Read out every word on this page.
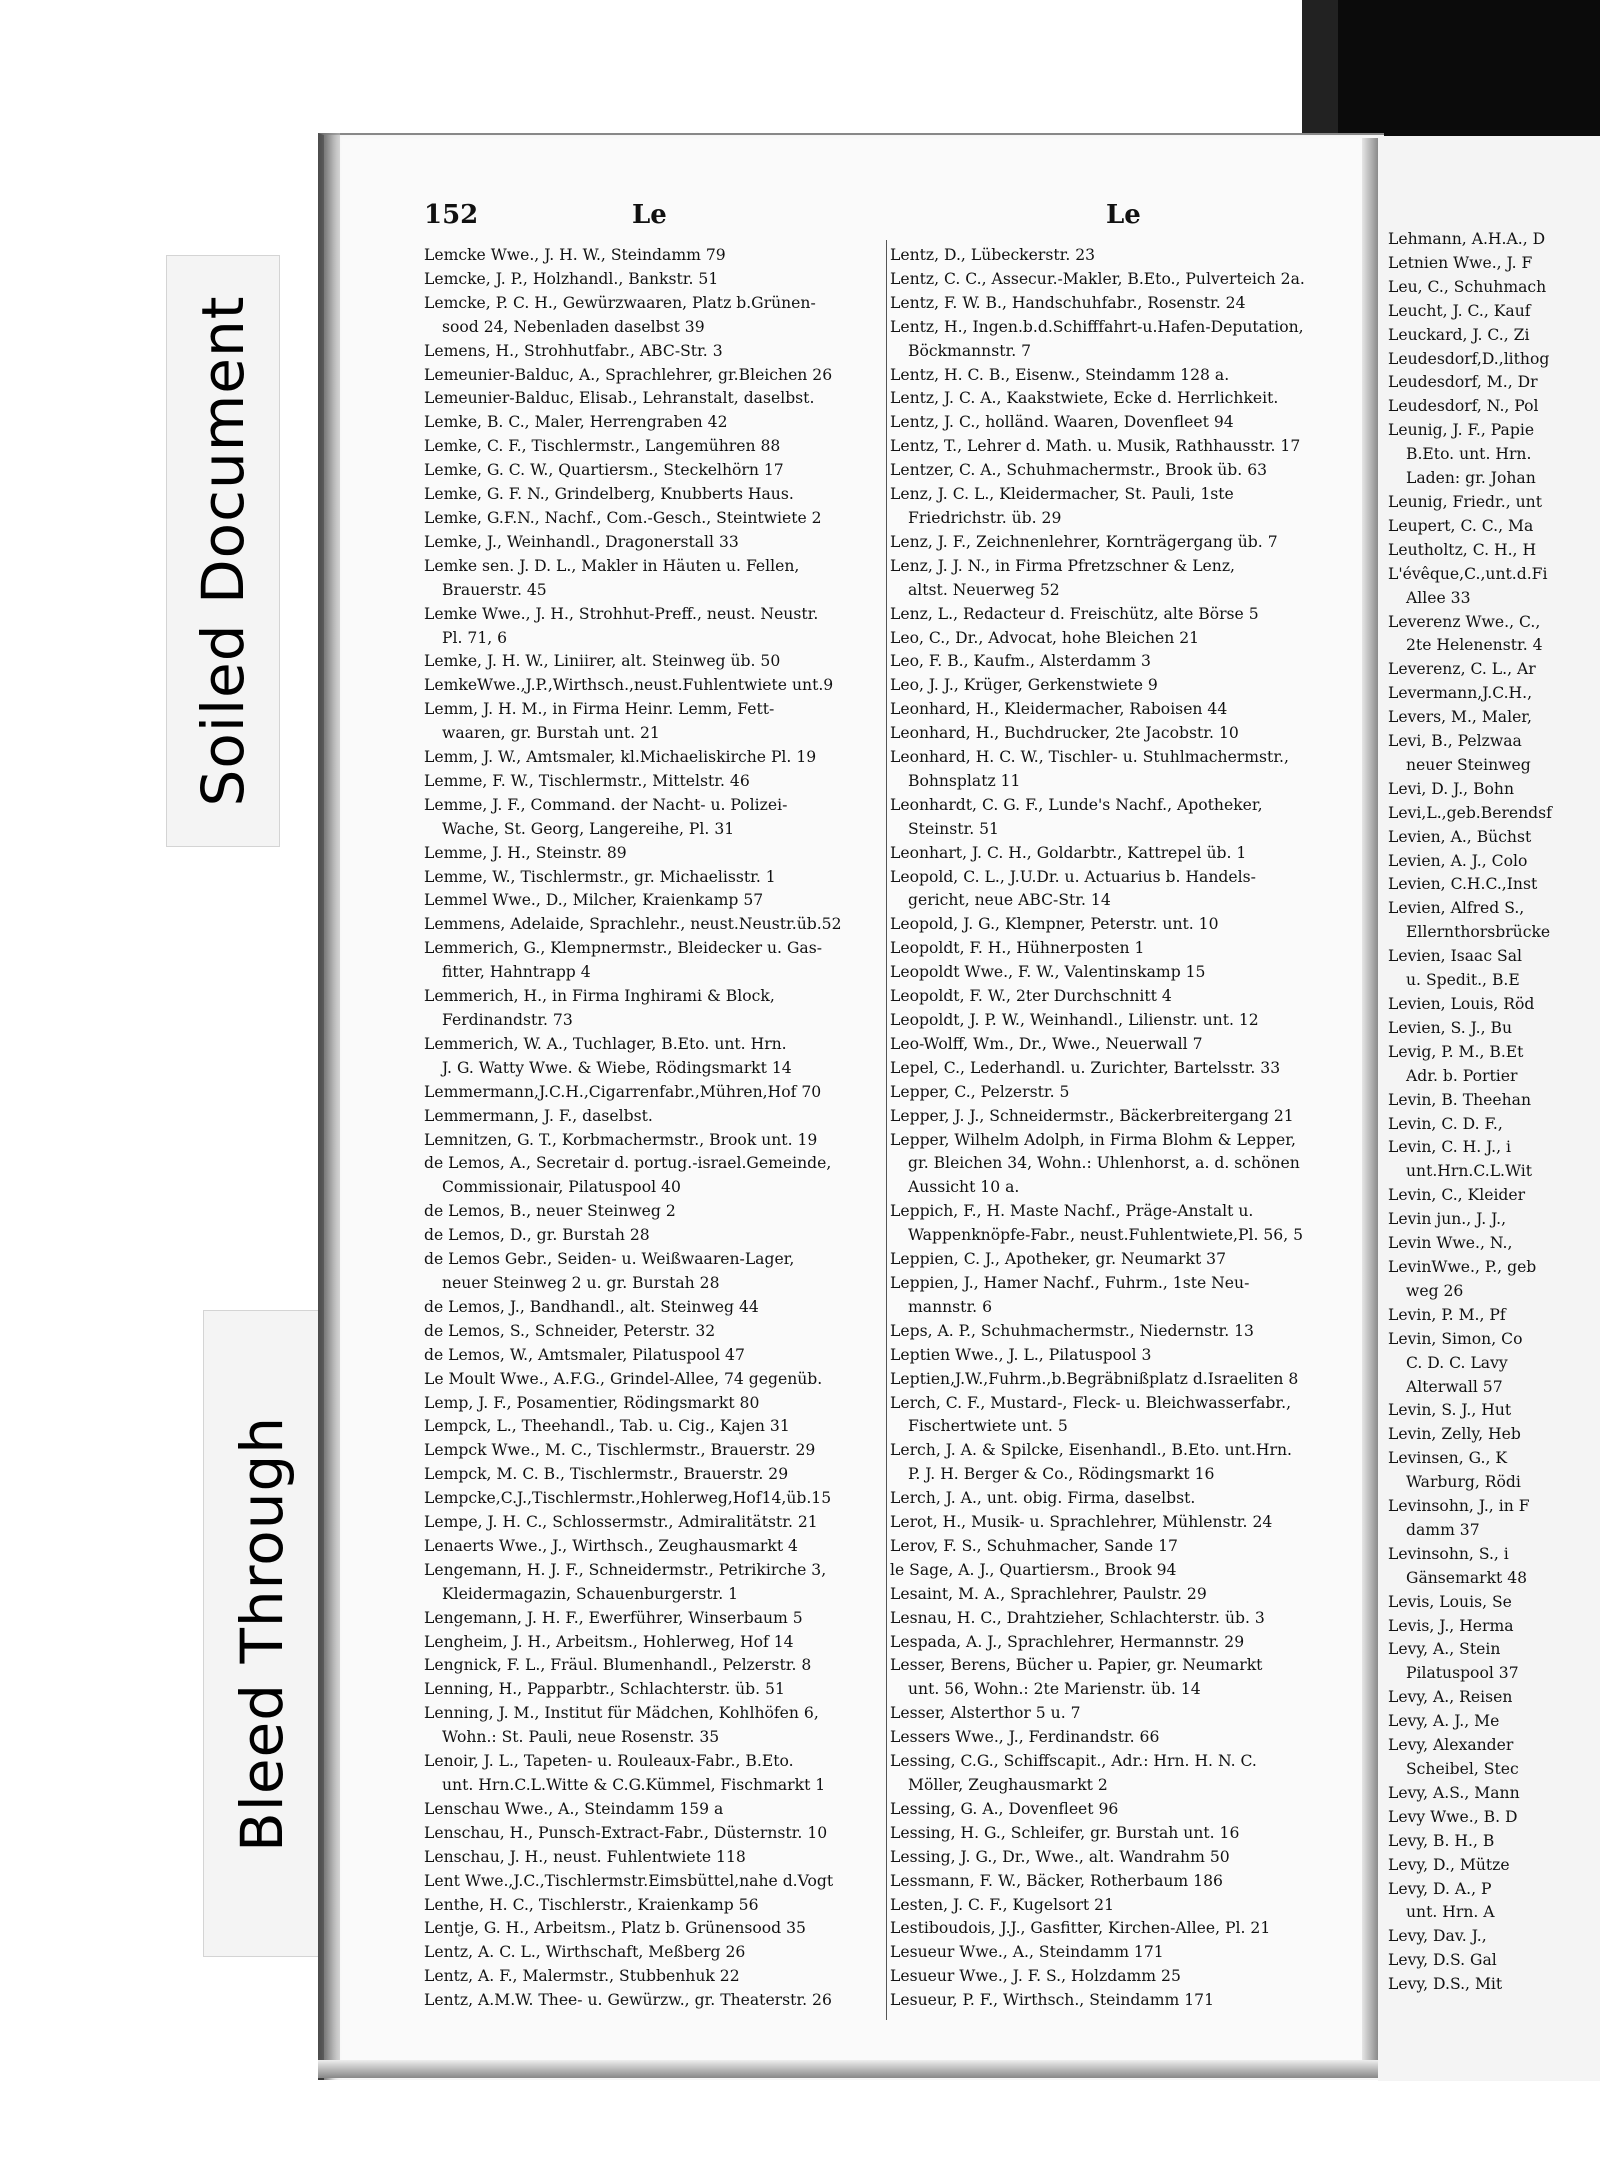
Soiled Document
Bleed Through
152	Le	Le
Lemcke Wwe., J. H. W., Steindamm 79
Lemcke, J. P., Holzhandl., Bankstr. 51
Lemcke, P. C. H., Gewürzwaaren, Platz b.Grünen-
sood 24, Nebenladen daselbst 39
Lemens, H., Strohhutfabr., ABC-Str. 3
Lemeunier-Balduc, A., Sprachlehrer, gr.Bleichen 26
Lemeunier-Balduc, Elisab., Lehranstalt, daselbst.
Lemke, B. C., Maler, Herrengraben 42
Lemke, C. F., Tischlermstr., Langemühren 88
Lemke, G. C. W., Quartiersm., Steckelhörn 17
Lemke, G. F. N., Grindelberg, Knubberts Haus.
Lemke, G.F.N., Nachf., Com.-Gesch., Steintwiete 2
Lemke, J., Weinhandl., Dragonerstall 33
Lemke sen. J. D. L., Makler in Häuten u. Fellen,
Brauerstr. 45
Lemke Wwe., J. H., Strohhut-Preff., neust. Neustr.
Pl. 71, 6
Lemke, J. H. W., Liniirer, alt. Steinweg üb. 50
LemkeWwe.,J.P.,Wirthsch.,neust.Fuhlentwiete unt.9
Lemm, J. H. M., in Firma Heinr. Lemm, Fett-
waaren, gr. Burstah unt. 21
Lemm, J. W., Amtsmaler, kl.Michaeliskirche Pl. 19
Lemme, F. W., Tischlermstr., Mittelstr. 46
Lemme, J. F., Command. der Nacht- u. Polizei-
Wache, St. Georg, Langereihe, Pl. 31
Lemme, J. H., Steinstr. 89
Lemme, W., Tischlermstr., gr. Michaelisstr. 1
Lemmel Wwe., D., Milcher, Kraienkamp 57
Lemmens, Adelaide, Sprachlehr., neust.Neustr.üb.52
Lemmerich, G., Klempnermstr., Bleidecker u. Gas-
fitter, Hahntrapp 4
Lemmerich, H., in Firma Inghirami & Block,
Ferdinandstr. 73
Lemmerich, W. A., Tuchlager, B.Eto. unt. Hrn.
J. G. Watty Wwe. & Wiebe, Rödingsmarkt 14
Lemmermann,J.C.H.,Cigarrenfabr.,Mühren,Hof 70
Lemmermann, J. F., daselbst.
Lemnitzen, G. T., Korbmachermstr., Brook unt. 19
de Lemos, A., Secretair d. portug.-israel.Gemeinde,
Commissionair, Pilatuspool 40
de Lemos, B., neuer Steinweg 2
de Lemos, D., gr. Burstah 28
de Lemos Gebr., Seiden- u. Weißwaaren-Lager,
neuer Steinweg 2 u. gr. Burstah 28
de Lemos, J., Bandhandl., alt. Steinweg 44
de Lemos, S., Schneider, Peterstr. 32
de Lemos, W., Amtsmaler, Pilatuspool 47
Le Moult Wwe., A.F.G., Grindel-Allee, 74 gegenüb.
Lemp, J. F., Posamentier, Rödingsmarkt 80
Lempck, L., Theehandl., Tab. u. Cig., Kajen 31
Lempck Wwe., M. C., Tischlermstr., Brauerstr. 29
Lempck, M. C. B., Tischlermstr., Brauerstr. 29
Lempcke,C.J.,Tischlermstr.,Hohlerweg,Hof14,üb.15
Lempe, J. H. C., Schlossermstr., Admiralitätstr. 21
Lenaerts Wwe., J., Wirthsch., Zeughausmarkt 4
Lengemann, H. J. F., Schneidermstr., Petrikirche 3,
Kleidermagazin, Schauenburgerstr. 1
Lengemann, J. H. F., Ewerführer, Winserbaum 5
Lengheim, J. H., Arbeitsm., Hohlerweg, Hof 14
Lengnick, F. L., Fräul. Blumenhandl., Pelzerstr. 8
Lenning, H., Papparbtr., Schlachterstr. üb. 51
Lenning, J. M., Institut für Mädchen, Kohlhöfen 6,
Wohn.: St. Pauli, neue Rosenstr. 35
Lenoir, J. L., Tapeten- u. Rouleaux-Fabr., B.Eto.
unt. Hrn.C.L.Witte & C.G.Kümmel, Fischmarkt 1
Lenschau Wwe., A., Steindamm 159 a
Lenschau, H., Punsch-Extract-Fabr., Düsternstr. 10
Lenschau, J. H., neust. Fuhlentwiete 118
Lent Wwe.,J.C.,Tischlermstr.Eimsbüttel,nahe d.Vogt
Lenthe, H. C., Tischlerstr., Kraienkamp 56
Lentje, G. H., Arbeitsm., Platz b. Grünensood 35
Lentz, A. C. L., Wirthschaft, Meßberg 26
Lentz, A. F., Malermstr., Stubbenhuk 22
Lentz, A.M.W. Thee- u. Gewürzw., gr. Theaterstr. 26
Lentz, D., Lübeckerstr. 23
Lentz, C. C., Assecur.-Makler, B.Eto., Pulverteich 2a.
Lentz, F. W. B., Handschuhfabr., Rosenstr. 24
Lentz, H., Ingen.b.d.Schifffahrt-u.Hafen-Deputation,
Böckmannstr. 7
Lentz, H. C. B., Eisenw., Steindamm 128 a.
Lentz, J. C. A., Kaakstwiete, Ecke d. Herrlichkeit.
Lentz, J. C., holländ. Waaren, Dovenfleet 94
Lentz, T., Lehrer d. Math. u. Musik, Rathhausstr. 17
Lentzer, C. A., Schuhmachermstr., Brook üb. 63
Lenz, J. C. L., Kleidermacher, St. Pauli, 1ste
Friedrichstr. üb. 29
Lenz, J. F., Zeichnenlehrer, Kornträgergang üb. 7
Lenz, J. J. N., in Firma Pfretzschner & Lenz,
altst. Neuerweg 52
Lenz, L., Redacteur d. Freischütz, alte Börse 5
Leo, C., Dr., Advocat, hohe Bleichen 21
Leo, F. B., Kaufm., Alsterdamm 3
Leo, J. J., Krüger, Gerkenstwiete 9
Leonhard, H., Kleidermacher, Raboisen 44
Leonhard, H., Buchdrucker, 2te Jacobstr. 10
Leonhard, H. C. W., Tischler- u. Stuhlmachermstr.,
Bohnsplatz 11
Leonhardt, C. G. F., Lunde's Nachf., Apotheker,
Steinstr. 51
Leonhart, J. C. H., Goldarbtr., Kattrepel üb. 1
Leopold, C. L., J.U.Dr. u. Actuarius b. Handels-
gericht, neue ABC-Str. 14
Leopold, J. G., Klempner, Peterstr. unt. 10
Leopoldt, F. H., Hühnerposten 1
Leopoldt Wwe., F. W., Valentinskamp 15
Leopoldt, F. W., 2ter Durchschnitt 4
Leopoldt, J. P. W., Weinhandl., Lilienstr. unt. 12
Leo-Wolff, Wm., Dr., Wwe., Neuerwall 7
Lepel, C., Lederhandl. u. Zurichter, Bartelsstr. 33
Lepper, C., Pelzerstr. 5
Lepper, J. J., Schneidermstr., Bäckerbreitergang 21
Lepper, Wilhelm Adolph, in Firma Blohm & Lepper,
gr. Bleichen 34, Wohn.: Uhlenhorst, a. d. schönen
Aussicht 10 a.
Leppich, F., H. Maste Nachf., Präge-Anstalt u.
Wappenknöpfe-Fabr., neust.Fuhlentwiete,Pl. 56, 5
Leppien, C. J., Apotheker, gr. Neumarkt 37
Leppien, J., Hamer Nachf., Fuhrm., 1ste Neu-
mannstr. 6
Leps, A. P., Schuhmachermstr., Niedernstr. 13
Leptien Wwe., J. L., Pilatuspool 3
Leptien,J.W.,Fuhrm.,b.Begräbnißplatz d.Israeliten 8
Lerch, C. F., Mustard-, Fleck- u. Bleichwasserfabr.,
Fischertwiete unt. 5
Lerch, J. A. & Spilcke, Eisenhandl., B.Eto. unt.Hrn.
P. J. H. Berger & Co., Rödingsmarkt 16
Lerch, J. A., unt. obig. Firma, daselbst.
Lerot, H., Musik- u. Sprachlehrer, Mühlenstr. 24
Lerov, F. S., Schuhmacher, Sande 17
le Sage, A. J., Quartiersm., Brook 94
Lesaint, M. A., Sprachlehrer, Paulstr. 29
Lesnau, H. C., Drahtzieher, Schlachterstr. üb. 3
Lespada, A. J., Sprachlehrer, Hermannstr. 29
Lesser, Berens, Bücher u. Papier, gr. Neumarkt
unt. 56, Wohn.: 2te Marienstr. üb. 14
Lesser, Alsterthor 5 u. 7
Lessers Wwe., J., Ferdinandstr. 66
Lessing, C.G., Schiffscapit., Adr.: Hrn. H. N. C.
Möller, Zeughausmarkt 2
Lessing, G. A., Dovenfleet 96
Lessing, H. G., Schleifer, gr. Burstah unt. 16
Lessing, J. G., Dr., Wwe., alt. Wandrahm 50
Lessmann, F. W., Bäcker, Rotherbaum 186
Lesten, J. C. F., Kugelsort 21
Lestiboudois, J.J., Gasfitter, Kirchen-Allee, Pl. 21
Lesueur Wwe., A., Steindamm 171
Lesueur Wwe., J. F. S., Holzdamm 25
Lesueur, P. F., Wirthsch., Steindamm 171
Lehmann, A.H.A., D
Letnien Wwe., J. F
Leu, C., Schuhmach
Leucht, J. C., Kauf
Leuckard, J. C., Zi
Leudesdorf,D.,lithog
Leudesdorf, M., Dr
Leudesdorf, N., Pol
Leunig, J. F., Papie
B.Eto. unt. Hrn.
Laden: gr. Johan
Leunig, Friedr., unt
Leupert, C. C., Ma
Leutholtz, C. H., H
L'évêque,C.,unt.d.Fi
Allee 33
Leverenz Wwe., C.,
2te Helenenstr. 4
Leverenz, C. L., Ar
Levermann,J.C.H.,
Levers, M., Maler,
Levi, B., Pelzwaa
neuer Steinweg
Levi, D. J., Bohn
Levi,L.,geb.Berendsf
Levien, A., Büchst
Levien, A. J., Colo
Levien, C.H.C.,Inst
Levien, Alfred S.,
Ellernthorsbrücke
Levien, Isaac Sal
u. Spedit., B.E
Levien, Louis, Röd
Levien, S. J., Bu
Levig, P. M., B.Et
Adr. b. Portier
Levin, B. Theehan
Levin, C. D. F.,
Levin, C. H. J., i
unt.Hrn.C.L.Wit
Levin, C., Kleider
Levin jun., J. J.,
Levin Wwe., N.,
LevinWwe., P., geb
weg 26
Levin, P. M., Pf
Levin, Simon, Co
C. D. C. Lavy
Alterwall 57
Levin, S. J., Hut
Levin, Zelly, Heb
Levinsen, G., K
Warburg, Rödi
Levinsohn, J., in F
damm 37
Levinsohn, S., i
Gänsemarkt 48
Levis, Louis, Se
Levis, J., Herma
Levy, A., Stein
Pilatuspool 37
Levy, A., Reisen
Levy, A. J., Me
Levy, Alexander
Scheibel, Stec
Levy, A.S., Mann
Levy Wwe., B. D
Levy, B. H., B
Levy, D., Mütze
Levy, D. A., P
unt. Hrn. A
Levy, Dav. J.,
Levy, D.S. Gal
Levy, D.S., Mit
